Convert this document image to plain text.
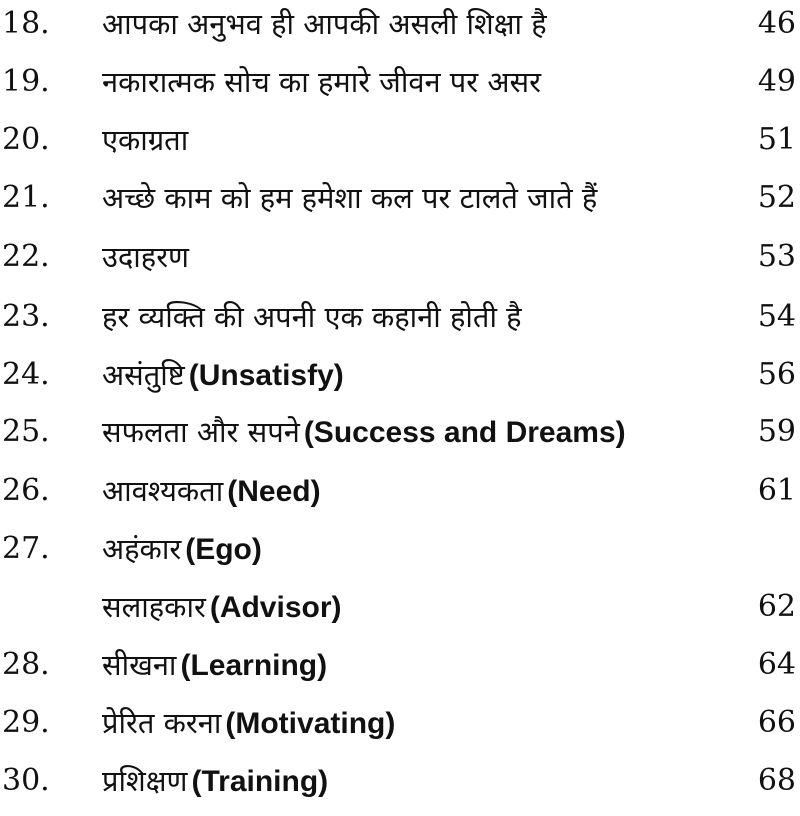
18. आपका अनुभव ही आपकी असली शिक्षा है	46
19. नकारात्मक सोच का हमारे जीवन पर असर	49
20. एकाग्रता	51
21. अच्छे काम को हम हमेशा कल पर टालते जाते हैं	52
22. उदाहरण	53
23. हर व्यक्ति की अपनी एक कहानी होती है	54
24. असंतुष्टि (Unsatisfy)	56
25. सफलता और सपने (Success and Dreams)	59
26. आवश्यकता (Need)	61
27. अहंकार (Ego)
सलाहकार (Advisor)	62
28. सीखना (Learning)	64
29. प्रेरित करना (Motivating)	66
30. प्रशिक्षण (Training)	68
